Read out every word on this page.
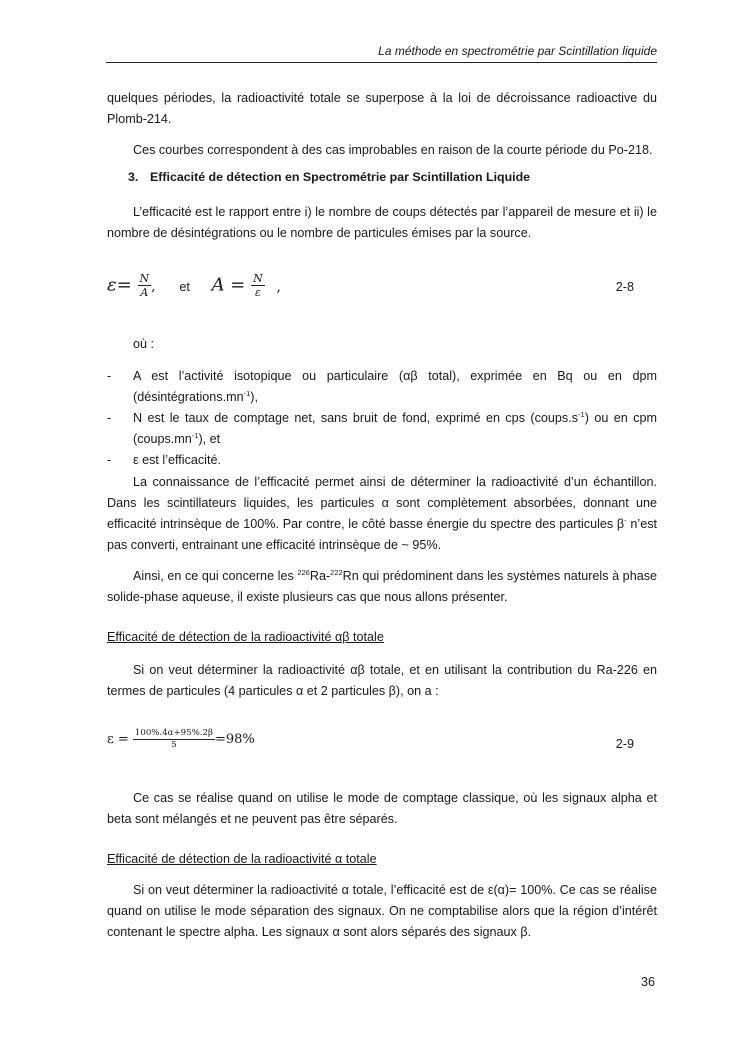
La méthode en spectrométrie par Scintillation liquide

quelques périodes, la radioactivité totale se superpose à la loi de décroissance radioactive du Plomb-214.

Ces courbes correspondent à des cas improbables en raison de la courte période du Po-218.

3. Efficacité de détection en Spectrométrie par Scintillation Liquide

L’efficacité est le rapport entre i) le nombre de coups détectés par l’appareil de mesure et ii) le nombre de désintégrations ou le nombre de particules émises par la source.

$\varepsilon= \frac{N}{A}$ , et $A = \frac{N}{\varepsilon}$ ,	2-8
où :
- A est l’activité isotopique ou particulaire (αβ total), exprimée en Bq ou en dpm $(dé\sin tégrations.mn^{-1})$,
- N est le taux de comptage net, sans bruit de fond, exprimé en cps $(coups.s^{-1})$ ou en cpm $(coups.mn^{-1})$, et
- ε est l’efficacité.

La connaissance de l’efficacité permet ainsi de déterminer la radioactivité d’un échantillon. Dans les scintillateurs liquides, les particules α sont complètement absorbées, donnant une efficacité intrinsèque de 100%. Par contre, le côté basse énergie du spectre des particules β- n’est pas converti, entrainant une efficacité intrinsèque de ~ 95%.

Ainsi, en ce qui concerne les $^{226}$Ra-$^{222}$Rn qui prédominent dans les systèmes naturels à phase solide-phase aqueuse, il existe plusieurs cas que nous allons présenter.

Efficacité de détection de la radioactivité αβ totale

Si on veut déterminer la radioactivité αβ totale, et en utilisant la contribution du Ra-226 en termes de particules (4 particules α et 2 particules β), on a :

$\varepsilon = \frac{100\%.4\alpha+95\%.2\beta}{5} =98\%$	2-9

Ce cas se réalise quand on utilise le mode de comptage classique, où les signaux alpha et beta sont mélangés et ne peuvent pas être séparés.

Efficacité de détection de la radioactivité α totale

Si on veut déterminer la radioactivité α totale, l’efficacité est de ε(α)= 100%. Ce cas se réalise quand on utilise le mode séparation des signaux. On ne comptabilise alors que la région d’intérêt contenant le spectre alpha. Les signaux α sont alors séparés des signaux β.

36
